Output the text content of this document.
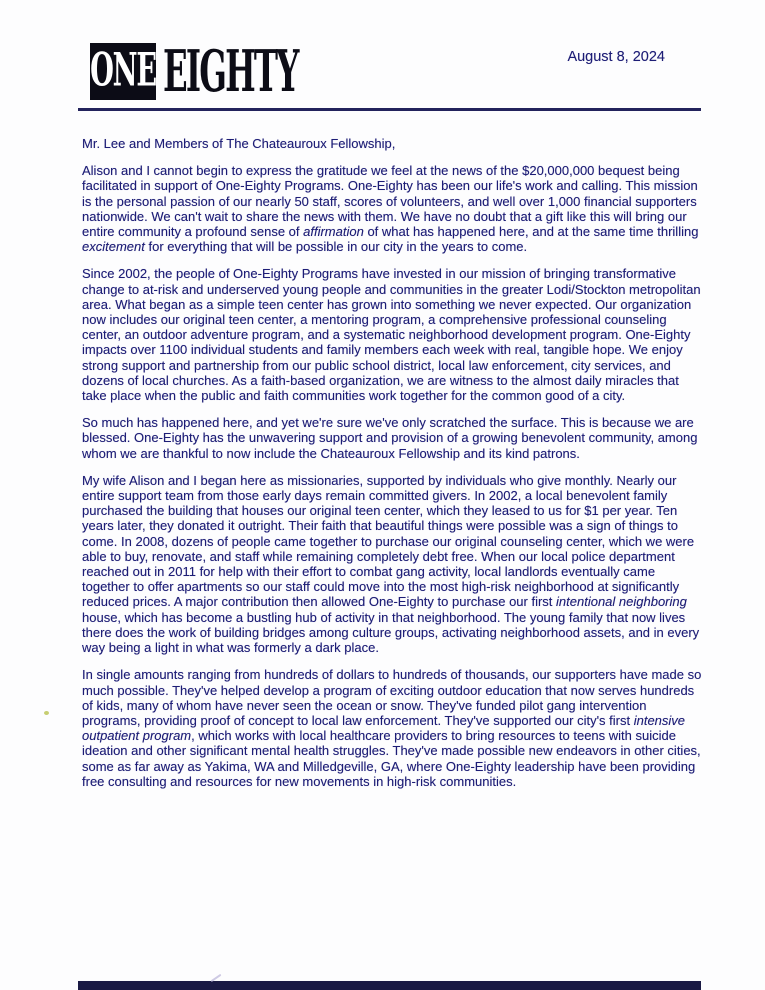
ONE EIGHTY	August 8, 2024

Mr. Lee and Members of The Chateauroux Fellowship,

Alison and I cannot begin to express the gratitude we feel at the news of the $20,000,000 bequest being facilitated in support of One-Eighty Programs. One-Eighty has been our life's work and calling. This mission is the personal passion of our nearly 50 staff, scores of volunteers, and well over 1,000 financial supporters nationwide. We can't wait to share the news with them. We have no doubt that a gift like this will bring our entire community a profound sense of affirmation of what has happened here, and at the same time thrilling excitement for everything that will be possible in our city in the years to come.

Since 2002, the people of One-Eighty Programs have invested in our mission of bringing transformative change to at-risk and underserved young people and communities in the greater Lodi/Stockton metropolitan area. What began as a simple teen center has grown into something we never expected. Our organization now includes our original teen center, a mentoring program, a comprehensive professional counseling center, an outdoor adventure program, and a systematic neighborhood development program. One-Eighty impacts over 1100 individual students and family members each week with real, tangible hope. We enjoy strong support and partnership from our public school district, local law enforcement, city services, and dozens of local churches. As a faith-based organization, we are witness to the almost daily miracles that take place when the public and faith communities work together for the common good of a city.

So much has happened here, and yet we're sure we've only scratched the surface. This is because we are blessed. One-Eighty has the unwavering support and provision of a growing benevolent community, among whom we are thankful to now include the Chateauroux Fellowship and its kind patrons.

My wife Alison and I began here as missionaries, supported by individuals who give monthly. Nearly our entire support team from those early days remain committed givers. In 2002, a local benevolent family purchased the building that houses our original teen center, which they leased to us for $1 per year. Ten years later, they donated it outright. Their faith that beautiful things were possible was a sign of things to come. In 2008, dozens of people came together to purchase our original counseling center, which we were able to buy, renovate, and staff while remaining completely debt free. When our local police department reached out in 2011 for help with their effort to combat gang activity, local landlords eventually came together to offer apartments so our staff could move into the most high-risk neighborhood at significantly reduced prices. A major contribution then allowed One-Eighty to purchase our first intentional neighboring house, which has become a bustling hub of activity in that neighborhood. The young family that now lives there does the work of building bridges among culture groups, activating neighborhood assets, and in every way being a light in what was formerly a dark place.

In single amounts ranging from hundreds of dollars to hundreds of thousands, our supporters have made so much possible. They've helped develop a program of exciting outdoor education that now serves hundreds of kids, many of whom have never seen the ocean or snow. They've funded pilot gang intervention programs, providing proof of concept to local law enforcement. They've supported our city's first intensive outpatient program, which works with local healthcare providers to bring resources to teens with suicide ideation and other significant mental health struggles. They've made possible new endeavors in other cities, some as far away as Yakima, WA and Milledgeville, GA, where One-Eighty leadership have been providing free consulting and resources for new movements in high-risk communities.
